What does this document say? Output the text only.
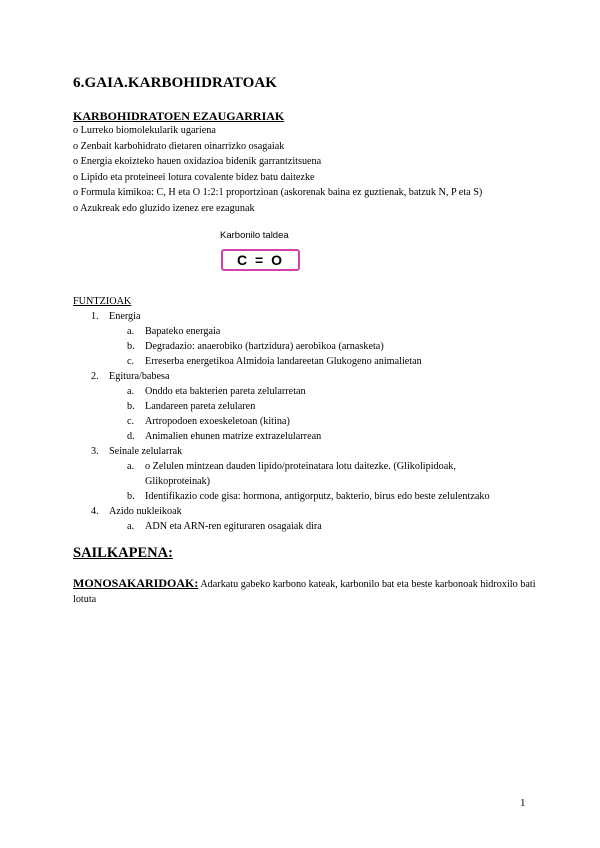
6.GAIA.KARBOHIDRATOAK
KARBOHIDRATOEN EZAUGARRIAK
o Lurreko biomolekularik ugariena
o Zenbait karbohidrato dietaren oinarrizko osagaiak
o Energia ekoizteko hauen oxidazioa bidenik garrantzitsuena
o Lipido eta proteineei lotura covalente bidez batu daitezke
o Formula kimikoa: C, H eta O 1:2:1 proportzioan (askorenak baina ez guztienak, batzuk N, P eta S)
o Azukreak edo gluzido izenez ere ezagunak
Karbonilo taldea
C = O
FUNTZIOAK
1. Energia
a. Bapateko energaia
b. Degradazio: anaerobiko (hartzidura) aerobikoa (arnasketa)
c. Erreserba energetikoa Almidoia landareetan Glukogeno animalietan
2. Egitura/babesa
a. Onddo eta bakterien pareta zelularretan
b. Landareen pareta zelularen
c. Artropodoen exoeskeletoan (kitina)
d. Animalien ehunen matrize extrazelularrean
3. Seinale zelularrak
a. o Zelulen mintzean dauden lipido/proteinatara lotu daitezke. (Glikolipidoak,
Glikoproteinak)
b. Identifikazio code gisa: hormona, antigorputz, bakterio, birus edo beste zelulentzako
4. Azido nukleikoak
a. ADN eta ARN-ren egituraren osagaiak dira
SAILKAPENA:
MONOSAKARIDOAK: Adarkatu gabeko karbono kateak, karbonilo bat eta beste karbonoak hidroxilo bati lotuta
1
